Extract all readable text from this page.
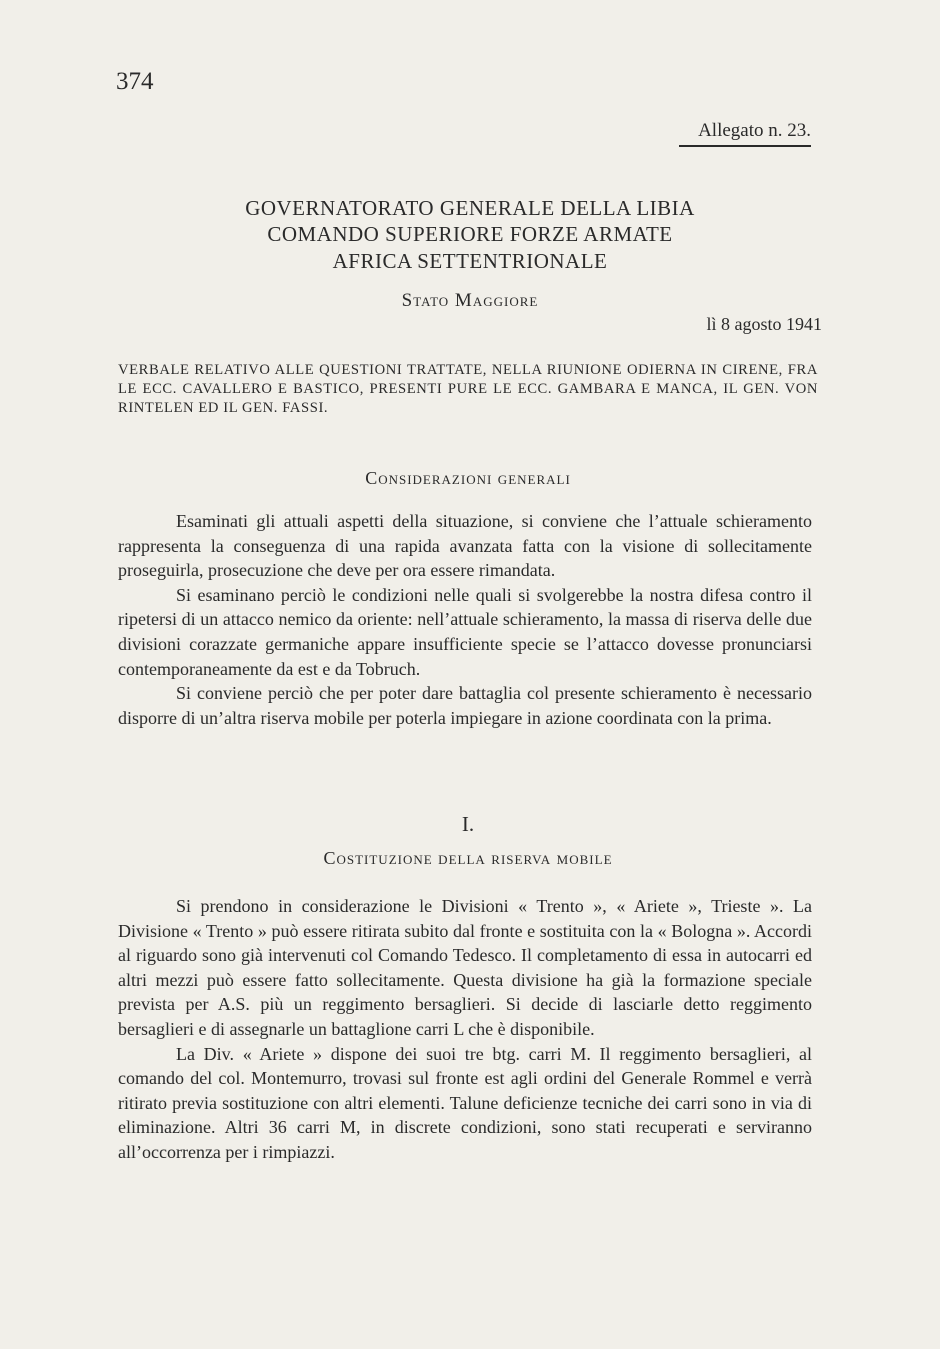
374
Allegato n. 23.
GOVERNATORATO GENERALE DELLA LIBIA
COMANDO SUPERIORE FORZE ARMATE
AFRICA SETTENTRIONALE
Stato Maggiore
lì 8 agosto 1941
VERBALE RELATIVO ALLE QUESTIONI TRATTATE, NELLA RIUNIONE ODIERNA IN CIRENE, FRA LE ECC. CAVALLERO E BASTICO, PRESENTI PURE LE ECC. GAMBARA E MANCA, IL GEN. VON RINTELEN ED IL GEN. FASSI.
Considerazioni generali

Esaminati gli attuali aspetti della situazione, si conviene che l’attuale schieramento rappresenta la conseguenza di una rapida avanzata fatta con la visione di sollecitamente proseguirla, prosecuzione che deve per ora essere rimandata.

Si esaminano perciò le condizioni nelle quali si svolgerebbe la nostra difesa contro il ripetersi di un attacco nemico da oriente: nell’attuale schieramento, la massa di riserva delle due divisioni corazzate germaniche appare insufficiente specie se l’attacco dovesse pronunciarsi contemporaneamente da est e da Tobruch.

Si conviene perciò che per poter dare battaglia col presente schieramento è necessario disporre di un’altra riserva mobile per poterla impiegare in azione coordinata con la prima.

I.
Costituzione della riserva mobile

Si prendono in considerazione le Divisioni « Trento », « Ariete », Trieste ». La Divisione « Trento » può essere ritirata subito dal fronte e sostituita con la « Bologna ». Accordi al riguardo sono già intervenuti col Comando Tedesco. Il completamento di essa in autocarri ed altri mezzi può essere fatto sollecitamente. Questa divisione ha già la formazione speciale prevista per A.S. più un reggimento bersaglieri. Si decide di lasciarle detto reggimento bersaglieri e di assegnarle un battaglione carri L che è disponibile.

La Div. « Ariete » dispone dei suoi tre btg. carri M. Il reggimento bersaglieri, al comando del col. Montemurro, trovasi sul fronte est agli ordini del Generale Rommel e verrà ritirato previa sostituzione con altri elementi. Talune deficienze tecniche dei carri sono in via di eliminazione. Altri 36 carri M, in discrete condizioni, sono stati recuperati e serviranno all’occorrenza per i rimpiazzi.
